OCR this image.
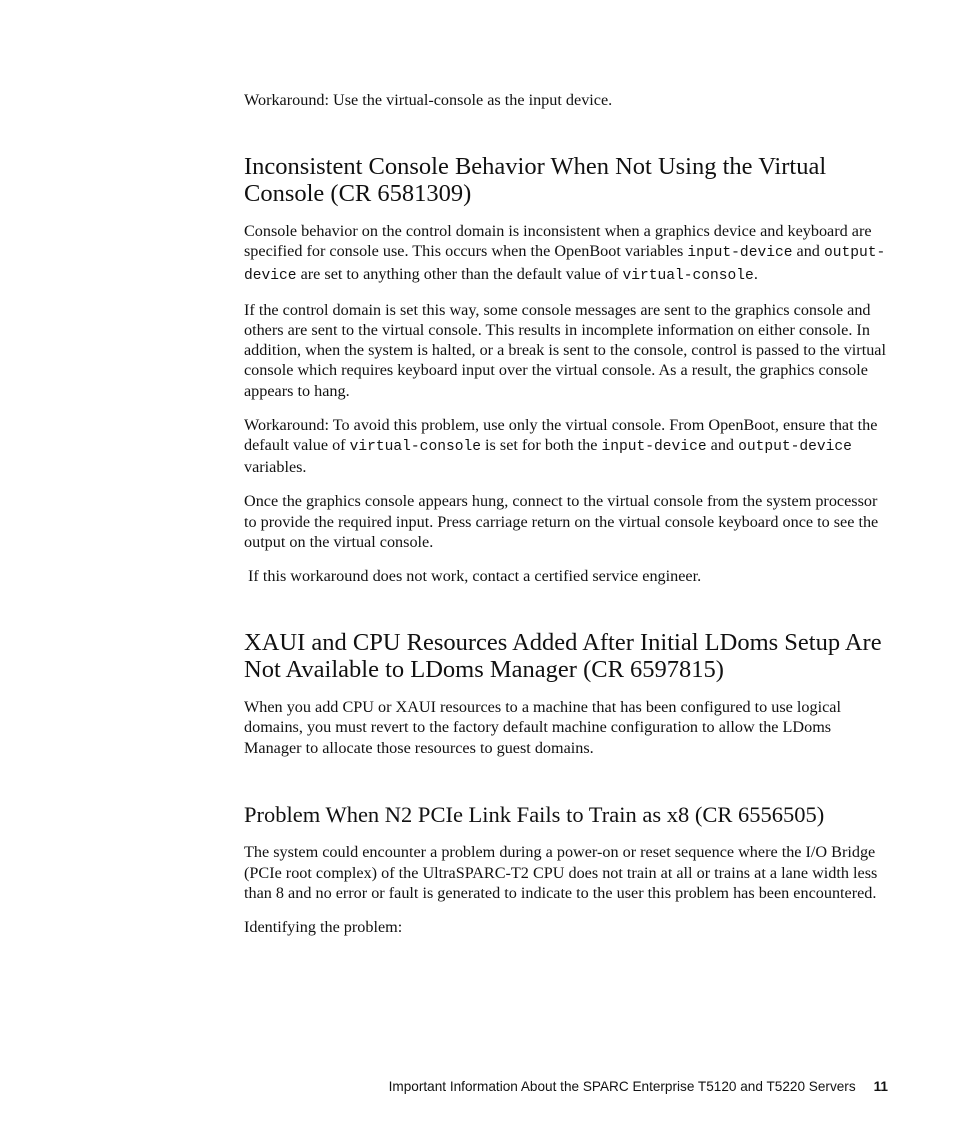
Workaround: Use the virtual-console as the input device.

Inconsistent Console Behavior When Not Using the Virtual Console (CR 6581309)

Console behavior on the control domain is inconsistent when a graphics device and keyboard are specified for console use. This occurs when the OpenBoot variables input-device and output-device are set to anything other than the default value of virtual-console.

If the control domain is set this way, some console messages are sent to the graphics console and others are sent to the virtual console. This results in incomplete information on either console. In addition, when the system is halted, or a break is sent to the console, control is passed to the virtual console which requires keyboard input over the virtual console. As a result, the graphics console appears to hang.

Workaround: To avoid this problem, use only the virtual console. From OpenBoot, ensure that the default value of virtual-console is set for both the input-device and output-device variables.

Once the graphics console appears hung, connect to the virtual console from the system processor to provide the required input. Press carriage return on the virtual console keyboard once to see the output on the virtual console.

If this workaround does not work, contact a certified service engineer.

XAUI and CPU Resources Added After Initial LDoms Setup Are Not Available to LDoms Manager (CR 6597815)

When you add CPU or XAUI resources to a machine that has been configured to use logical domains, you must revert to the factory default machine configuration to allow the LDoms Manager to allocate those resources to guest domains.

Problem When N2 PCIe Link Fails to Train as x8 (CR 6556505)

The system could encounter a problem during a power-on or reset sequence where the I/O Bridge (PCIe root complex) of the UltraSPARC-T2 CPU does not train at all or trains at a lane width less than 8 and no error or fault is generated to indicate to the user this problem has been encountered.

Identifying the problem:

Important Information About the SPARC Enterprise T5120 and T5220 Servers 11
